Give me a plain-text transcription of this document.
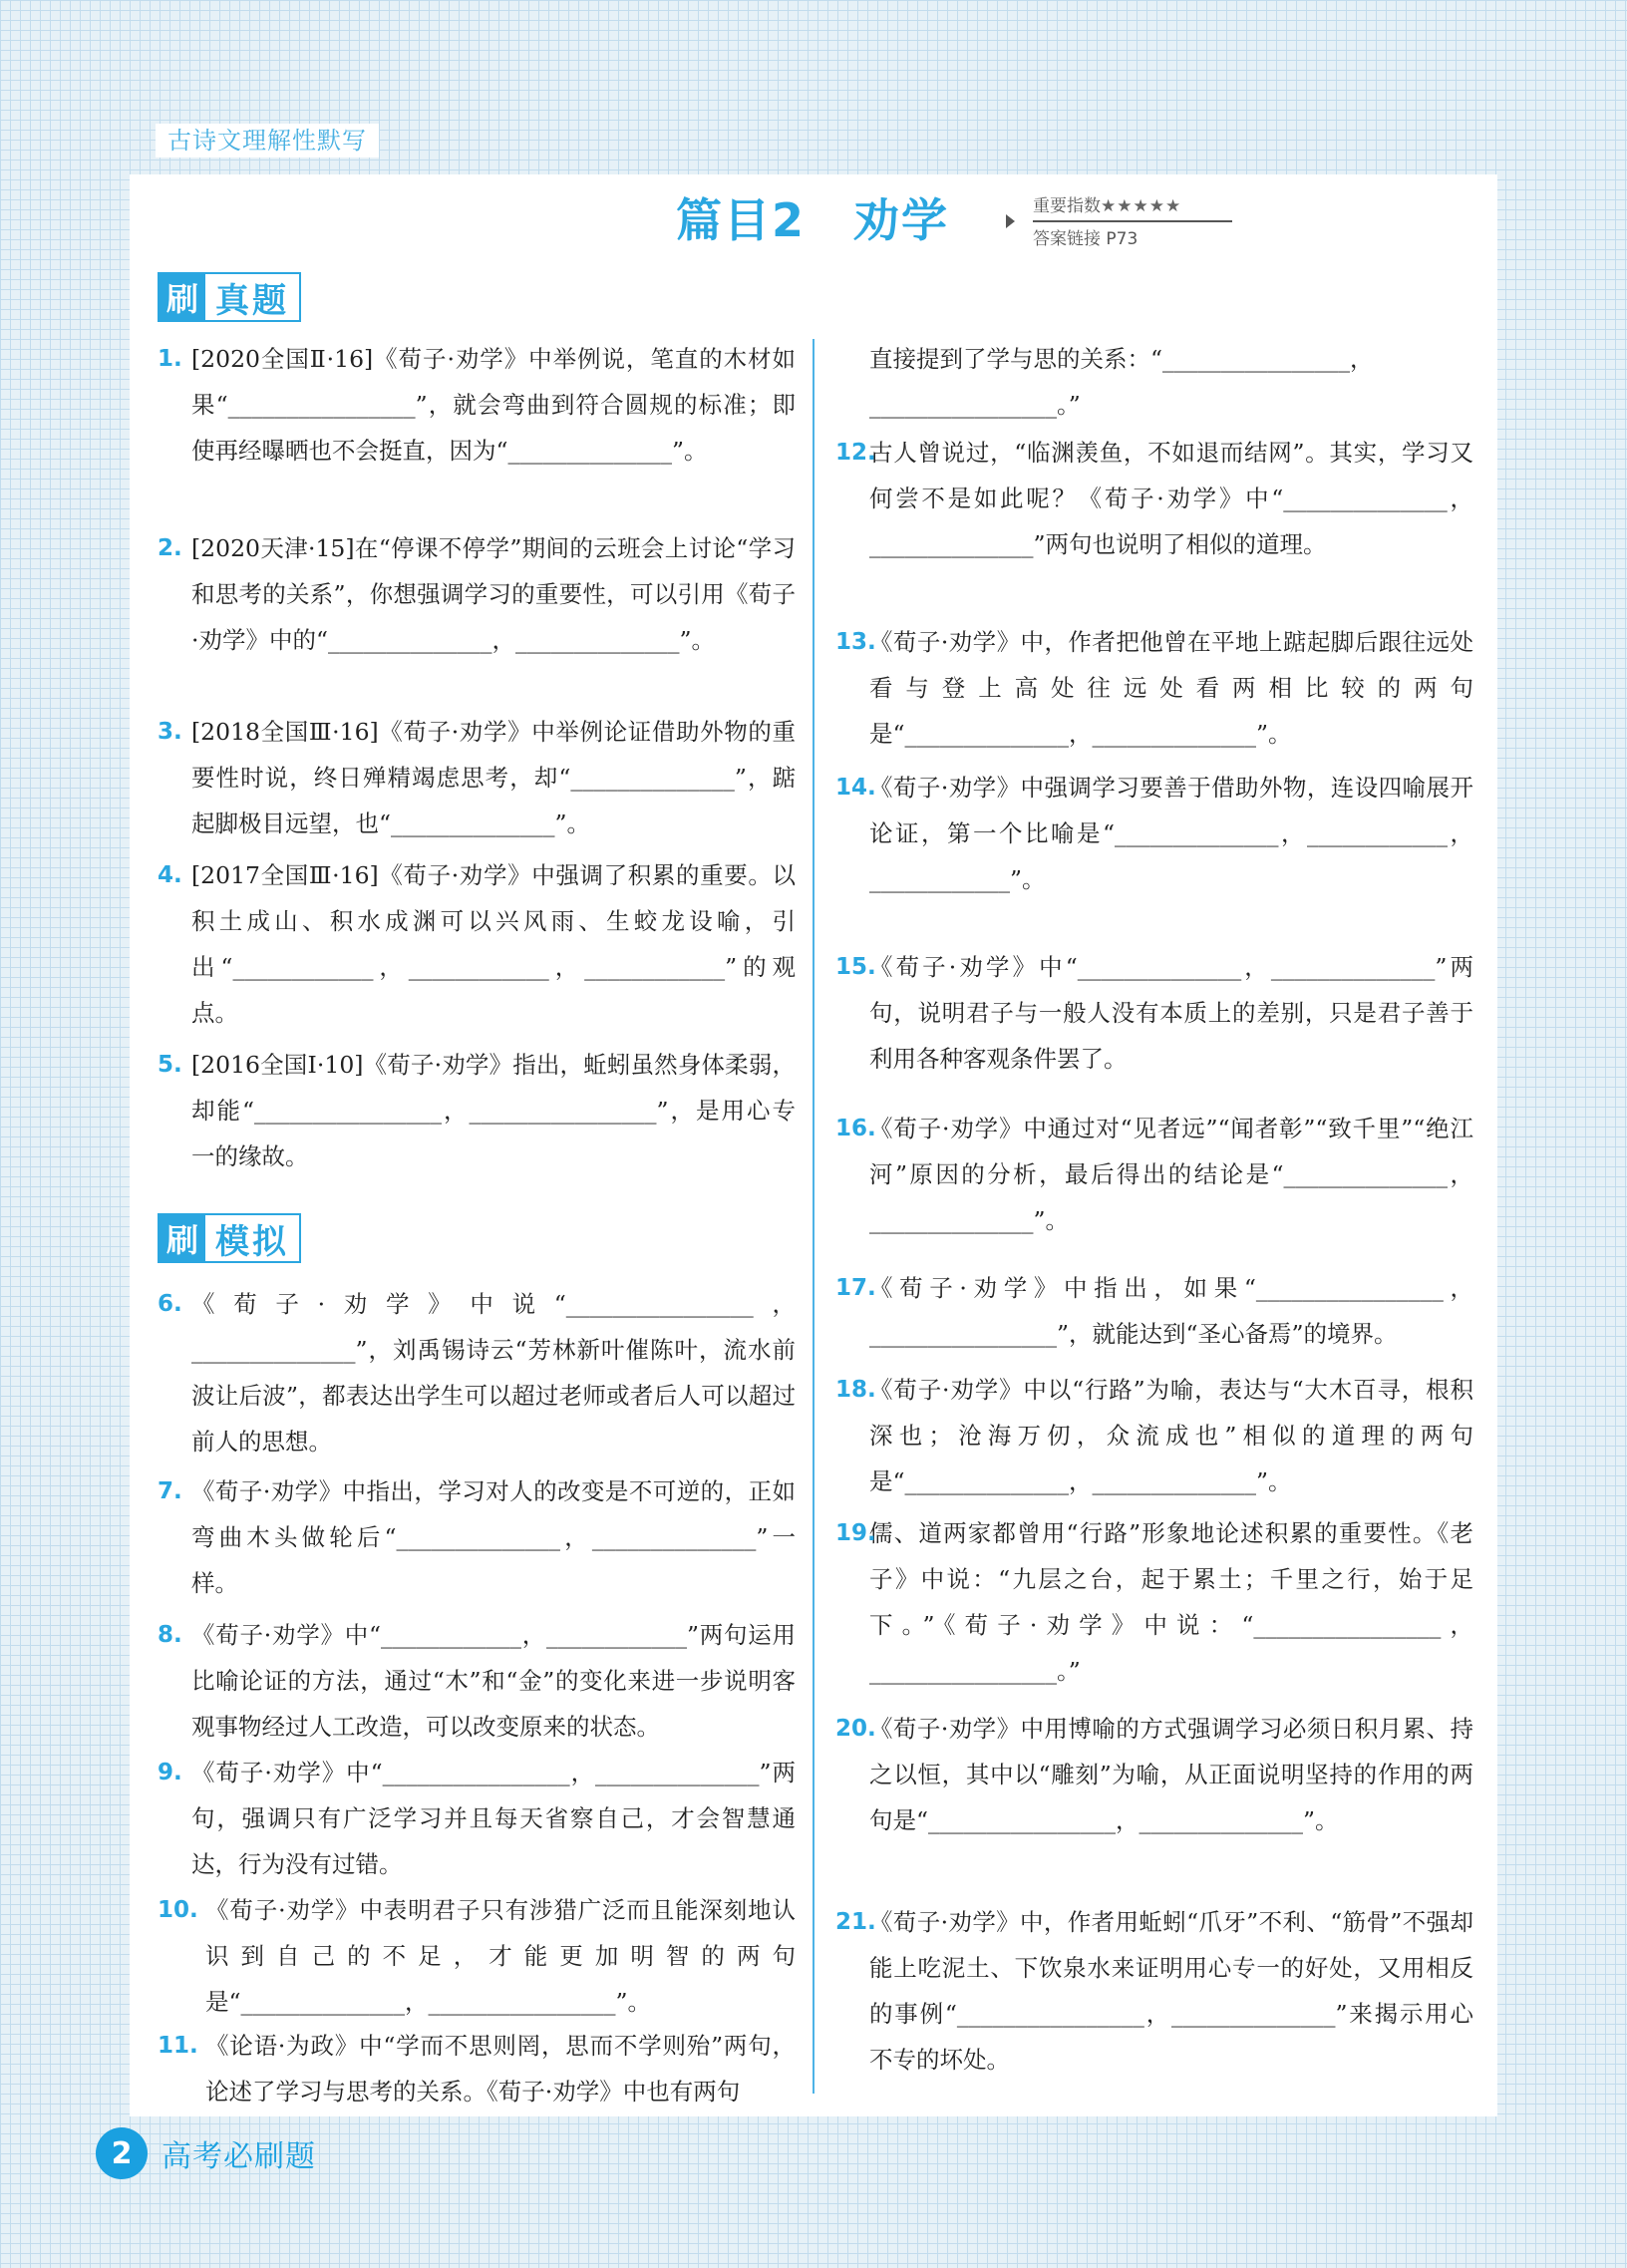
古诗文理解性默写
篇目2　劝学	重要指数★★★★★
答案链接 P73
刷 真题
1. [2020全国Ⅱ·16]《荀子·劝学》中举例说，笔直的木材如果“________________”，就会弯曲到符合圆规的标准；即使再经曝晒也不会挺直，因为“______________”。
2. [2020天津·15]在“停课不停学”期间的云班会上讨论“学习和思考的关系”，你想强调学习的重要性，可以引用《荀子·劝学》中的“______________，______________”。
3. [2018全国Ⅲ·16]《荀子·劝学》中举例论证借助外物的重要性时说，终日殚精竭虑思考，却“______________”，踮起脚极目远望，也“______________”。
4. [2017全国Ⅲ·16]《荀子·劝学》中强调了积累的重要。以积土成山、积水成渊可以兴风雨、生蛟龙设喻，引出“____________，____________，____________”的观点。
5. [2016全国Ⅰ·10]《荀子·劝学》指出，蚯蚓虽然身体柔弱，却能“________________，________________”，是用心专一的缘故。
刷 模拟
6. 《荀子·劝学》中说“________________，______________”，刘禹锡诗云“芳林新叶催陈叶，流水前波让后波”，都表达出学生可以超过老师或者后人可以超过前人的思想。
7. 《荀子·劝学》中指出，学习对人的改变是不可逆的，正如弯曲木头做轮后“______________，______________”一样。
8. 《荀子·劝学》中“____________，____________”两句运用比喻论证的方法，通过“木”和“金”的变化来进一步说明客观事物经过人工改造，可以改变原来的状态。
9. 《荀子·劝学》中“________________，______________”两句，强调只有广泛学习并且每天省察自己，才会智慧通达，行为没有过错。
10. 《荀子·劝学》中表明君子只有涉猎广泛而且能深刻地认识到自己的不足，才能更加明智的两句是“______________，________________”。
11. 《论语·为政》中“学而不思则罔，思而不学则殆”两句，论述了学习与思考的关系。《荀子·劝学》中也有两句
直接提到了学与思的关系：“________________，________________。”
12.
古人曾说过，“临渊羡鱼，不如退而结网”。其实，学习又何尝不是如此呢？《荀子·劝学》中“______________，______________”两句也说明了相似的道理。
13.
《荀子·劝学》中，作者把他曾在平地上踮起脚后跟往远处看与登上高处往远处看两相比较的两句是“______________，______________”。
14.
《荀子·劝学》中强调学习要善于借助外物，连设四喻展开论证，第一个比喻是“______________，____________，____________”。
15.
《荀子·劝学》中“______________，______________”两句，说明君子与一般人没有本质上的差别，只是君子善于利用各种客观条件罢了。
16.
《荀子·劝学》中通过对“见者远”“闻者彰”“致千里”“绝江河”原因的分析，最后得出的结论是“______________，______________”。
17.
《荀子·劝学》中指出，如果“________________，________________”，就能达到“圣心备焉”的境界。
18.
《荀子·劝学》中以“行路”为喻，表达与“大木百寻，根积深也；沧海万仞，众流成也”相似的道理的两句是“______________，______________”。
19.
儒、道两家都曾用“行路”形象地论述积累的重要性。《老子》中说：“九层之台，起于累土；千里之行，始于足下。”《荀子·劝学》中说：“________________，________________。”
20.
《荀子·劝学》中用博喻的方式强调学习必须日积月累、持之以恒，其中以“雕刻”为喻，从正面说明坚持的作用的两句是“________________，______________”。
21.
《荀子·劝学》中，作者用蚯蚓“爪牙”不利、“筋骨”不强却能上吃泥土、下饮泉水来证明用心专一的好处，又用相反的事例“________________，______________”来揭示用心不专的坏处。
2 高考必刷题
